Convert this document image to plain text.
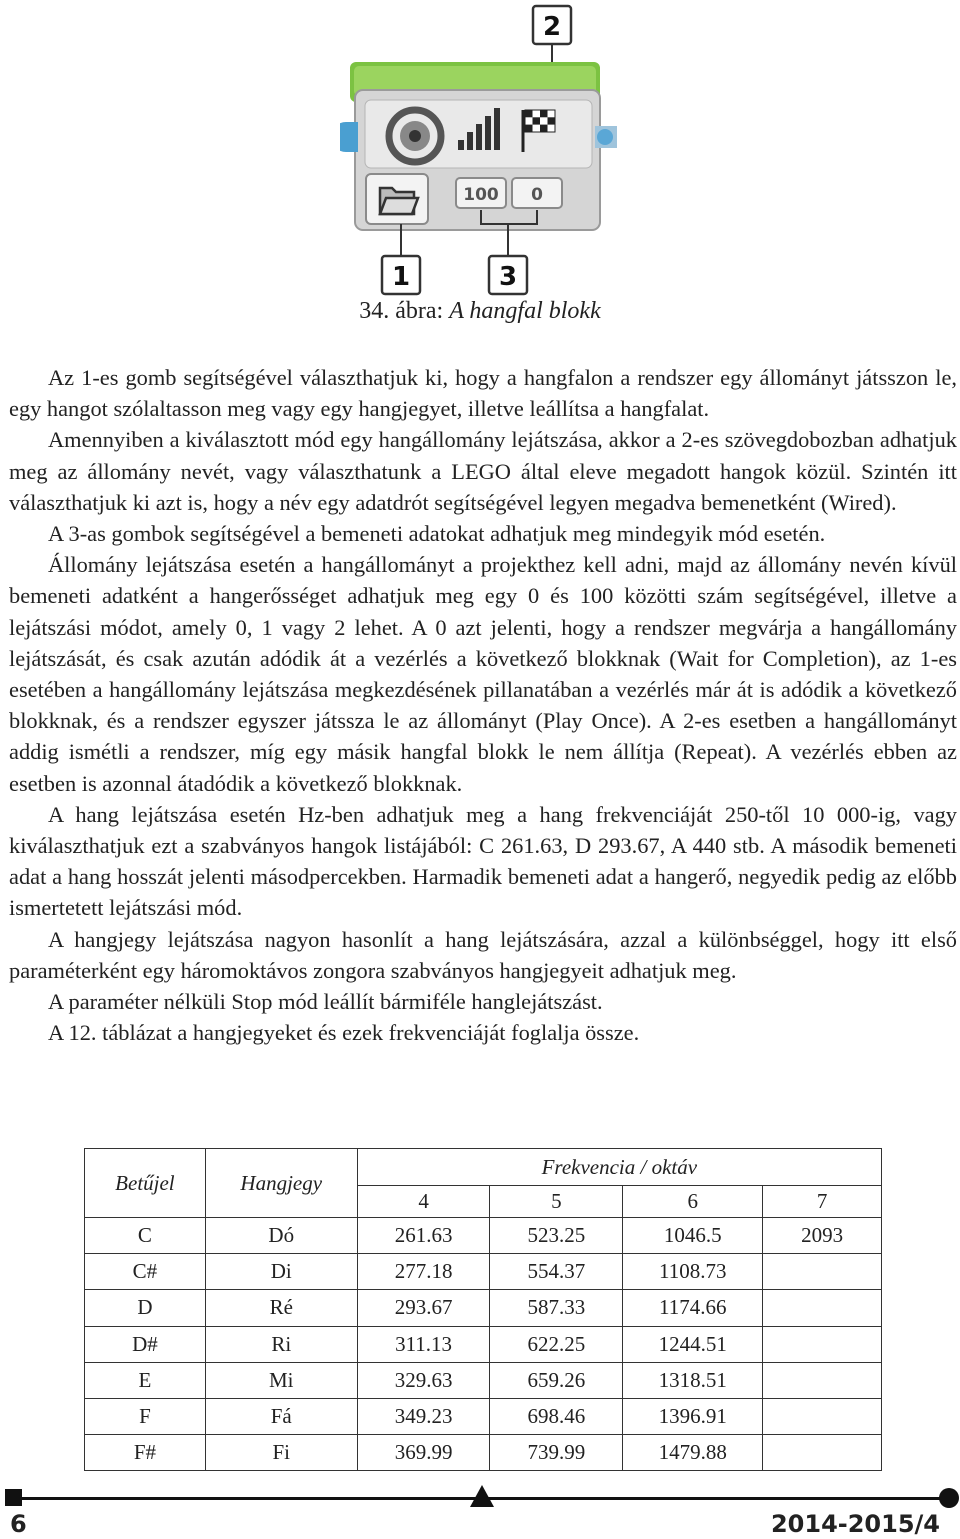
2
100 0
1	3
34. ábra: A hangfal blokk

Az 1-es gomb segítségével választhatjuk ki, hogy a hangfalon a rendszer egy állományt játsszon le, egy hangot szólaltasson meg vagy egy hangjegyet, illetve leállítsa a hangfalat.

Amennyiben a kiválasztott mód egy hangállomány lejátszása, akkor a 2-es szövegdobozban adhatjuk meg az állomány nevét, vagy választhatunk a LEGO által eleve megadott hangok közül. Szintén itt választhatjuk ki azt is, hogy a név egy adatdrót segítségével legyen megadva bemenetként (Wired).

A 3-as gombok segítségével a bemeneti adatokat adhatjuk meg mindegyik mód esetén.

Állomány lejátszása esetén a hangállományt a projekthez kell adni, majd az állomány nevén kívül bemeneti adatként a hangerősséget adhatjuk meg egy 0 és 100 közötti szám segítségével, illetve a lejátszási módot, amely 0, 1 vagy 2 lehet. A 0 azt jelenti, hogy a rendszer megvárja a hangállomány lejátszását, és csak azután adódik át a vezérlés a következő blokknak (Wait for Completion), az 1-es esetében a hangállomány lejátszása megkezdésének pillanatában a vezérlés már át is adódik a következő blokknak, és a rendszer egyszer játssza le az állományt (Play Once). A 2-es esetben a hangállományt addig ismétli a rendszer, míg egy másik hangfal blokk le nem állítja (Repeat). A vezérlés ebben az esetben is azonnal átadódik a következő blokknak.

A hang lejátszása esetén Hz-ben adhatjuk meg a hang frekvenciáját 250-től 10 000-ig, vagy kiválaszthatjuk ezt a szabványos hangok listájából: C 261.63, D 293.67, A 440 stb. A második bemeneti adat a hang hosszát jelenti másodpercekben. Harmadik bemeneti adat a hangerő, negyedik pedig az előbb ismertetett lejátszási mód.

A hangjegy lejátszása nagyon hasonlít a hang lejátszására, azzal a különbséggel, hogy itt első paraméterként egy háromoktávos zongora szabványos hangjegyeit adhatjuk meg.

A paraméter nélküli Stop mód leállít bármiféle hanglejátszást.

A 12. táblázat a hangjegyeket és ezek frekvenciáját foglalja össze.

Betűjel	Hangjegy	Frekvencia / oktáv			
		4	5	6	7
C	Dó	261.63	523.25	1046.5	2093
C#	Di	277.18	554.37	1108.73	
D	Ré	293.67	587.33	1174.66	
D#	Ri	311.13	622.25	1244.51	
E	Mi	329.63	659.26	1318.51	
F	Fá	349.23	698.46	1396.91	
F#	Fi	369.99	739.99	1479.88	
6	2014-2015/4
